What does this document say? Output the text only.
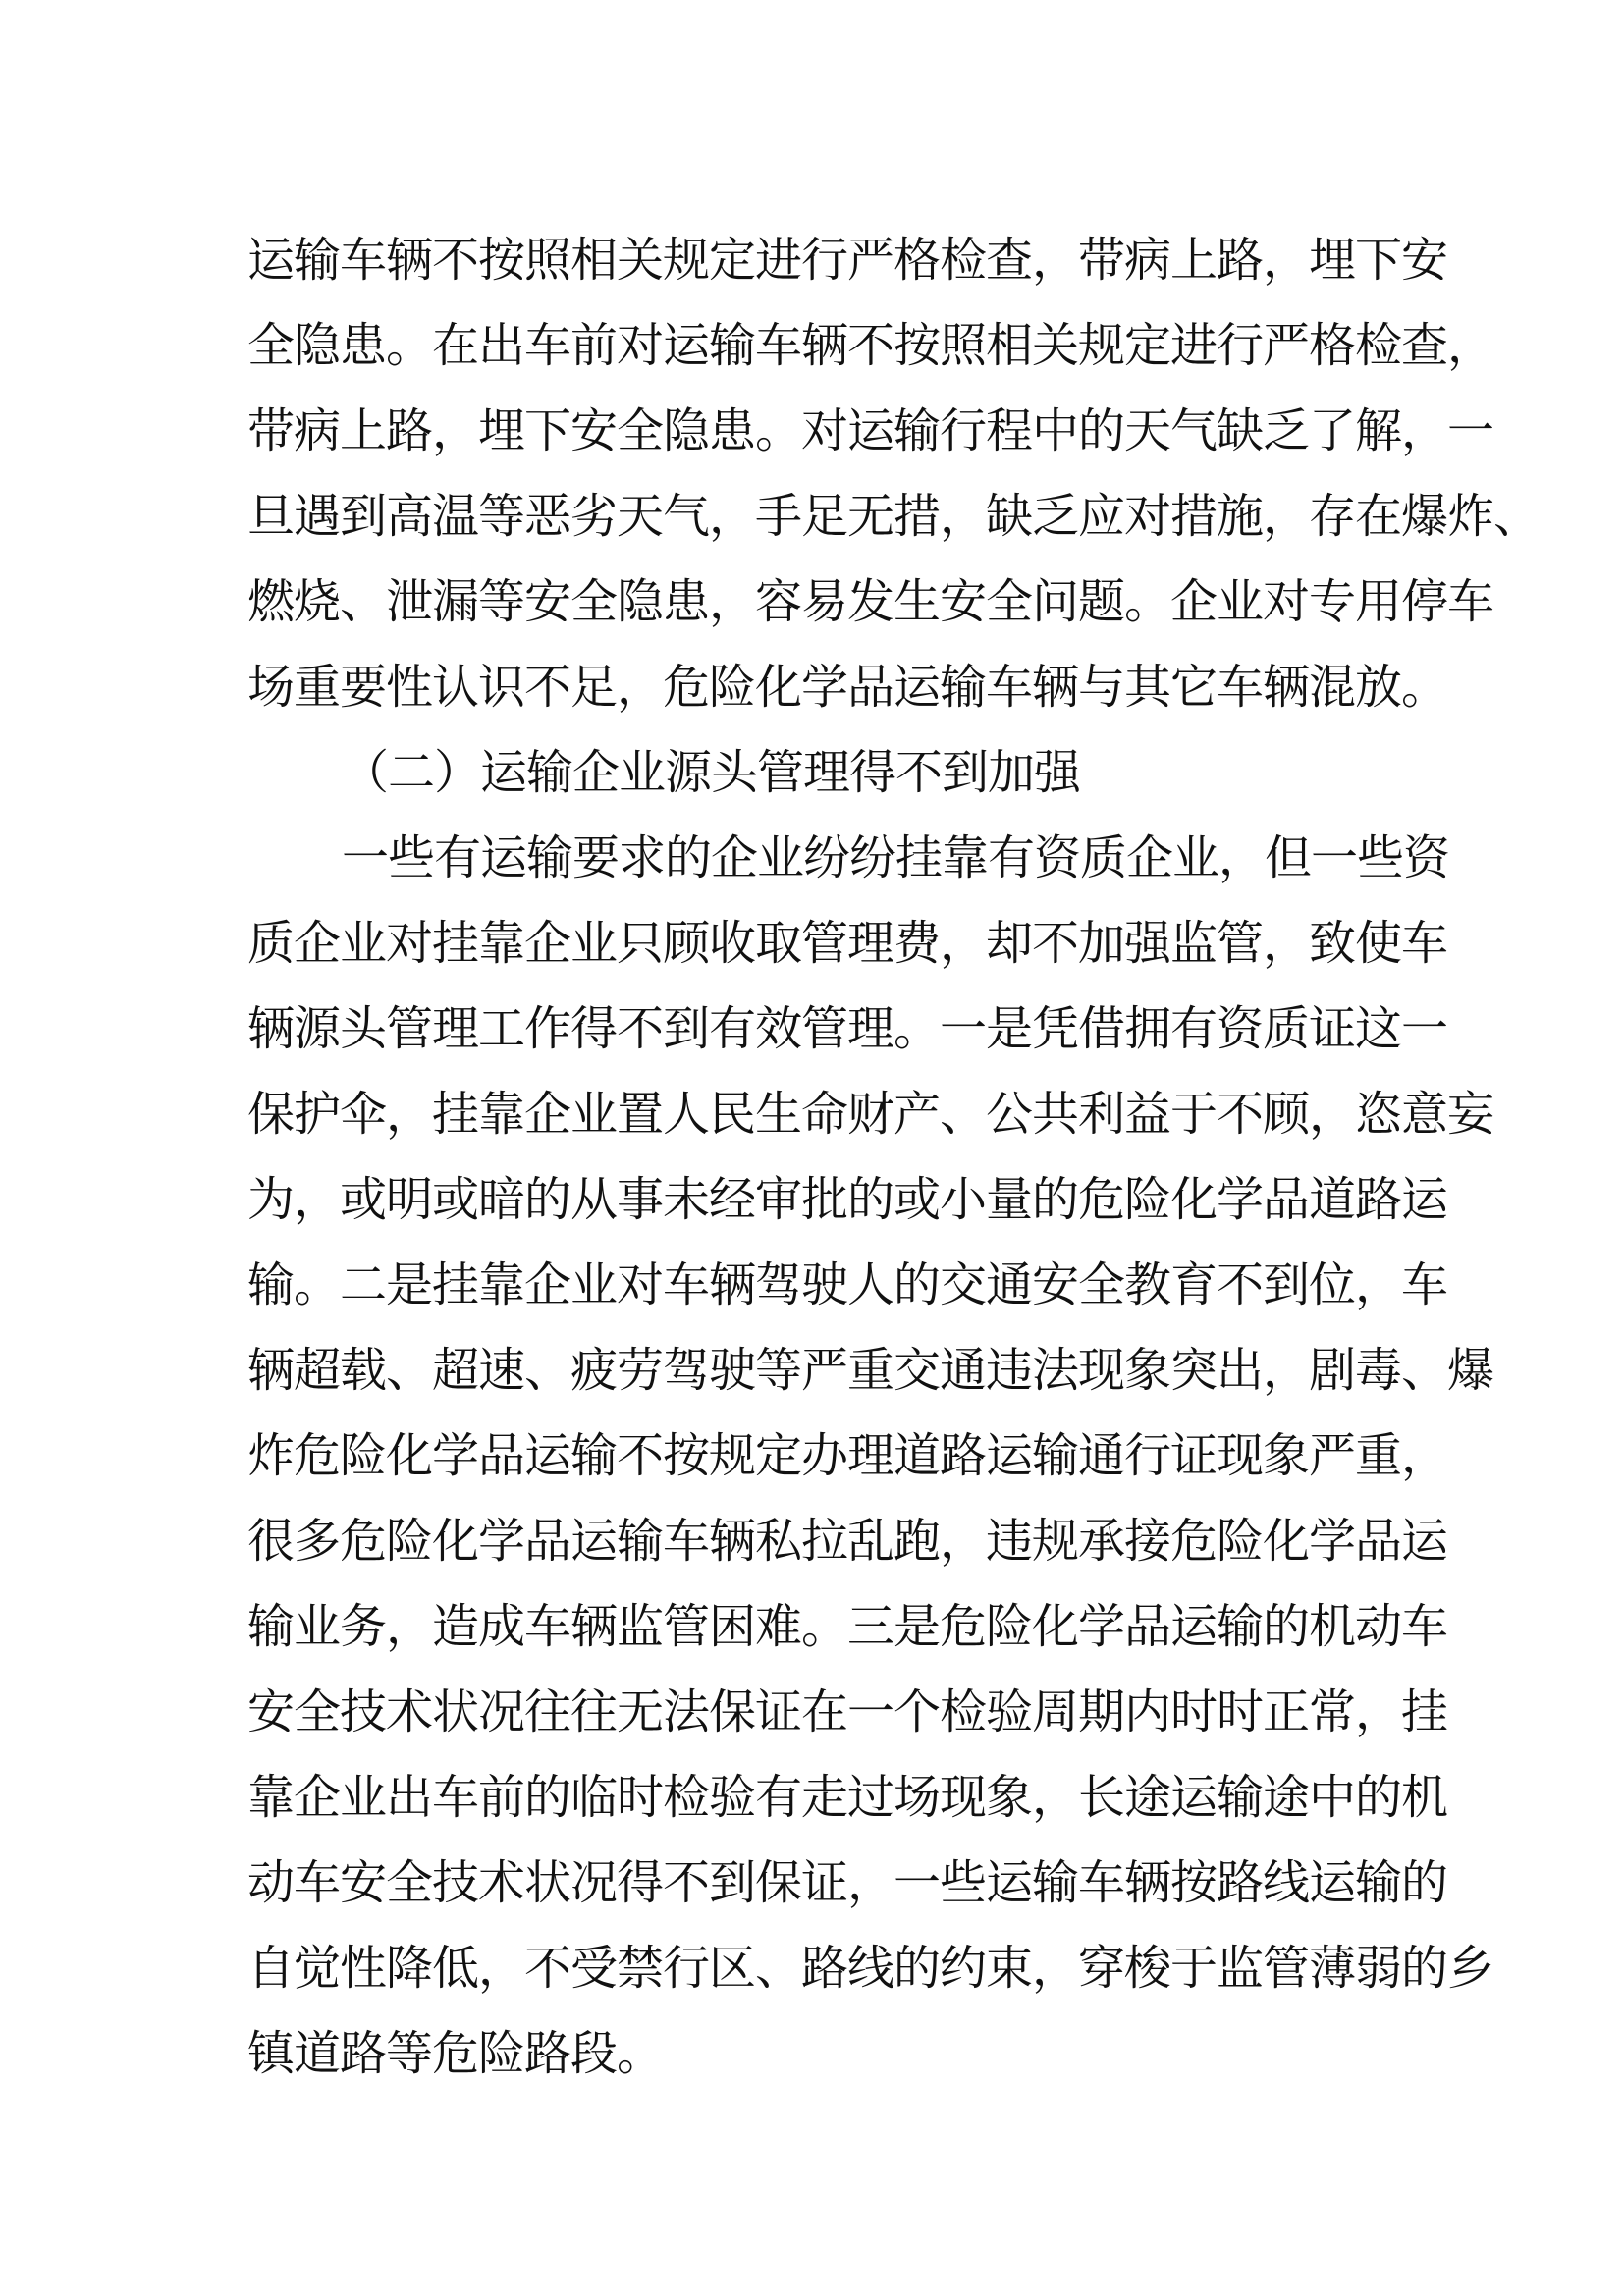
运输车辆不按照相关规定进行严格检查，带病上路，埋下安
全隐患。在出车前对运输车辆不按照相关规定进行严格检查，
带病上路，埋下安全隐患。对运输行程中的天气缺乏了解，一
旦遇到高温等恶劣天气，手足无措，缺乏应对措施，存在爆炸、
燃烧、泄漏等安全隐患，容易发生安全问题。企业对专用停车
场重要性认识不足，危险化学品运输车辆与其它车辆混放。
（二）运输企业源头管理得不到加强
一些有运输要求的企业纷纷挂靠有资质企业，但一些资
质企业对挂靠企业只顾收取管理费，却不加强监管，致使车
辆源头管理工作得不到有效管理。一是凭借拥有资质证这一
保护伞，挂靠企业置人民生命财产、公共利益于不顾，恣意妄
为，或明或暗的从事未经审批的或小量的危险化学品道路运
输。二是挂靠企业对车辆驾驶人的交通安全教育不到位，车
辆超载、超速、疲劳驾驶等严重交通违法现象突出，剧毒、爆
炸危险化学品运输不按规定办理道路运输通行证现象严重，
很多危险化学品运输车辆私拉乱跑，违规承接危险化学品运
输业务，造成车辆监管困难。三是危险化学品运输的机动车
安全技术状况往往无法保证在一个检验周期内时时正常，挂
靠企业出车前的临时检验有走过场现象，长途运输途中的机
动车安全技术状况得不到保证，一些运输车辆按路线运输的
自觉性降低，不受禁行区、路线的约束，穿梭于监管薄弱的乡
镇道路等危险路段。
